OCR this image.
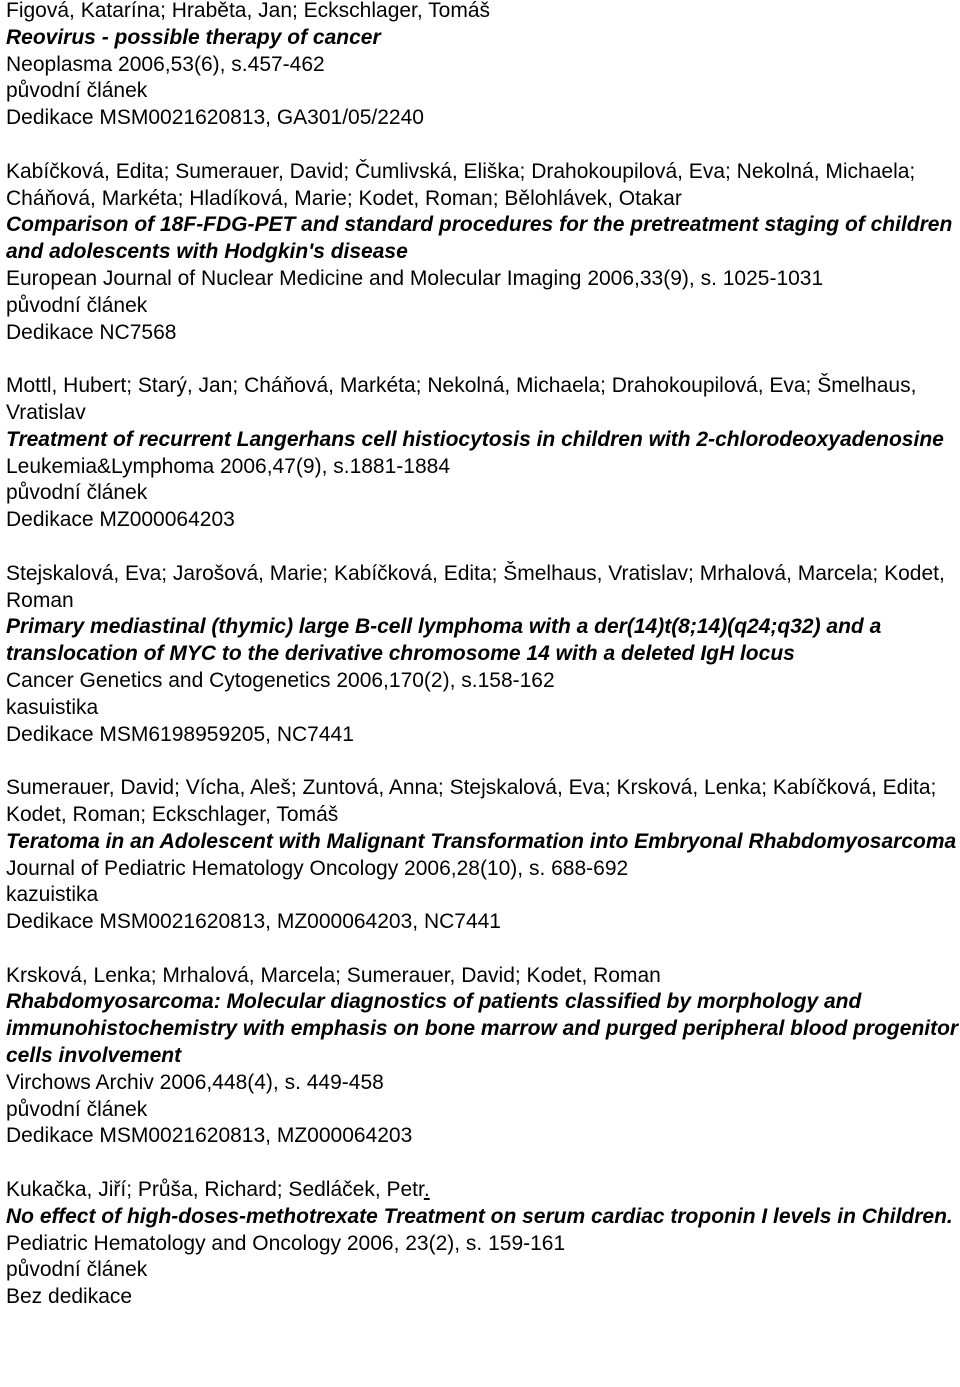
Figová, Katarína; Hraběta, Jan; Eckschlager, Tomáš
Reovirus - possible therapy of cancer
Neoplasma 2006,53(6), s.457-462
původní článek
Dedikace MSM0021620813, GA301/05/2240
Kabíčková, Edita; Sumerauer, David; Čumlivská, Eliška; Drahokoupilová, Eva; Nekolná, Michaela; Cháňová, Markéta; Hladíková, Marie; Kodet, Roman; Bělohlávek, Otakar
Comparison of 18F-FDG-PET and standard procedures for the pretreatment staging of children and adolescents with Hodgkin's disease
European Journal of Nuclear Medicine and Molecular Imaging 2006,33(9), s. 1025-1031
původní článek
Dedikace NC7568
Mottl, Hubert; Starý, Jan; Cháňová, Markéta; Nekolná, Michaela; Drahokoupilová, Eva; Šmelhaus, Vratislav
Treatment of recurrent Langerhans cell histiocytosis in children with 2-chlorodeoxyadenosine
Leukemia&Lymphoma 2006,47(9), s.1881-1884
původní článek
Dedikace MZ000064203
Stejskalová, Eva; Jarošová, Marie; Kabíčková, Edita; Šmelhaus, Vratislav; Mrhalová, Marcela; Kodet, Roman
Primary mediastinal (thymic) large B-cell lymphoma with a der(14)t(8;14)(q24;q32) and a translocation of MYC to the derivative chromosome 14 with a deleted IgH locus
Cancer Genetics and Cytogenetics 2006,170(2), s.158-162
kasuistika
Dedikace MSM6198959205, NC7441
Sumerauer, David; Vícha, Aleš; Zuntová, Anna; Stejskalová, Eva; Krsková, Lenka; Kabíčková, Edita; Kodet, Roman; Eckschlager, Tomáš
Teratoma in an Adolescent with Malignant Transformation into Embryonal Rhabdomyosarcoma
Journal of Pediatric Hematology Oncology 2006,28(10), s. 688-692
kazuistika
Dedikace MSM0021620813, MZ000064203, NC7441
Krsková, Lenka; Mrhalová, Marcela; Sumerauer, David; Kodet, Roman
Rhabdomyosarcoma: Molecular diagnostics of patients classified by morphology and immunohistochemistry with emphasis on bone marrow and purged peripheral blood progenitor cells involvement
Virchows Archiv 2006,448(4), s. 449-458
původní článek
Dedikace MSM0021620813, MZ000064203
Kukačka, Jiří; Průša, Richard; Sedláček, Petr.
No effect of high-doses-methotrexate Treatment on serum cardiac troponin I levels in Children.
Pediatric Hematology and Oncology 2006, 23(2), s. 159-161
původní článek
Bez dedikace
